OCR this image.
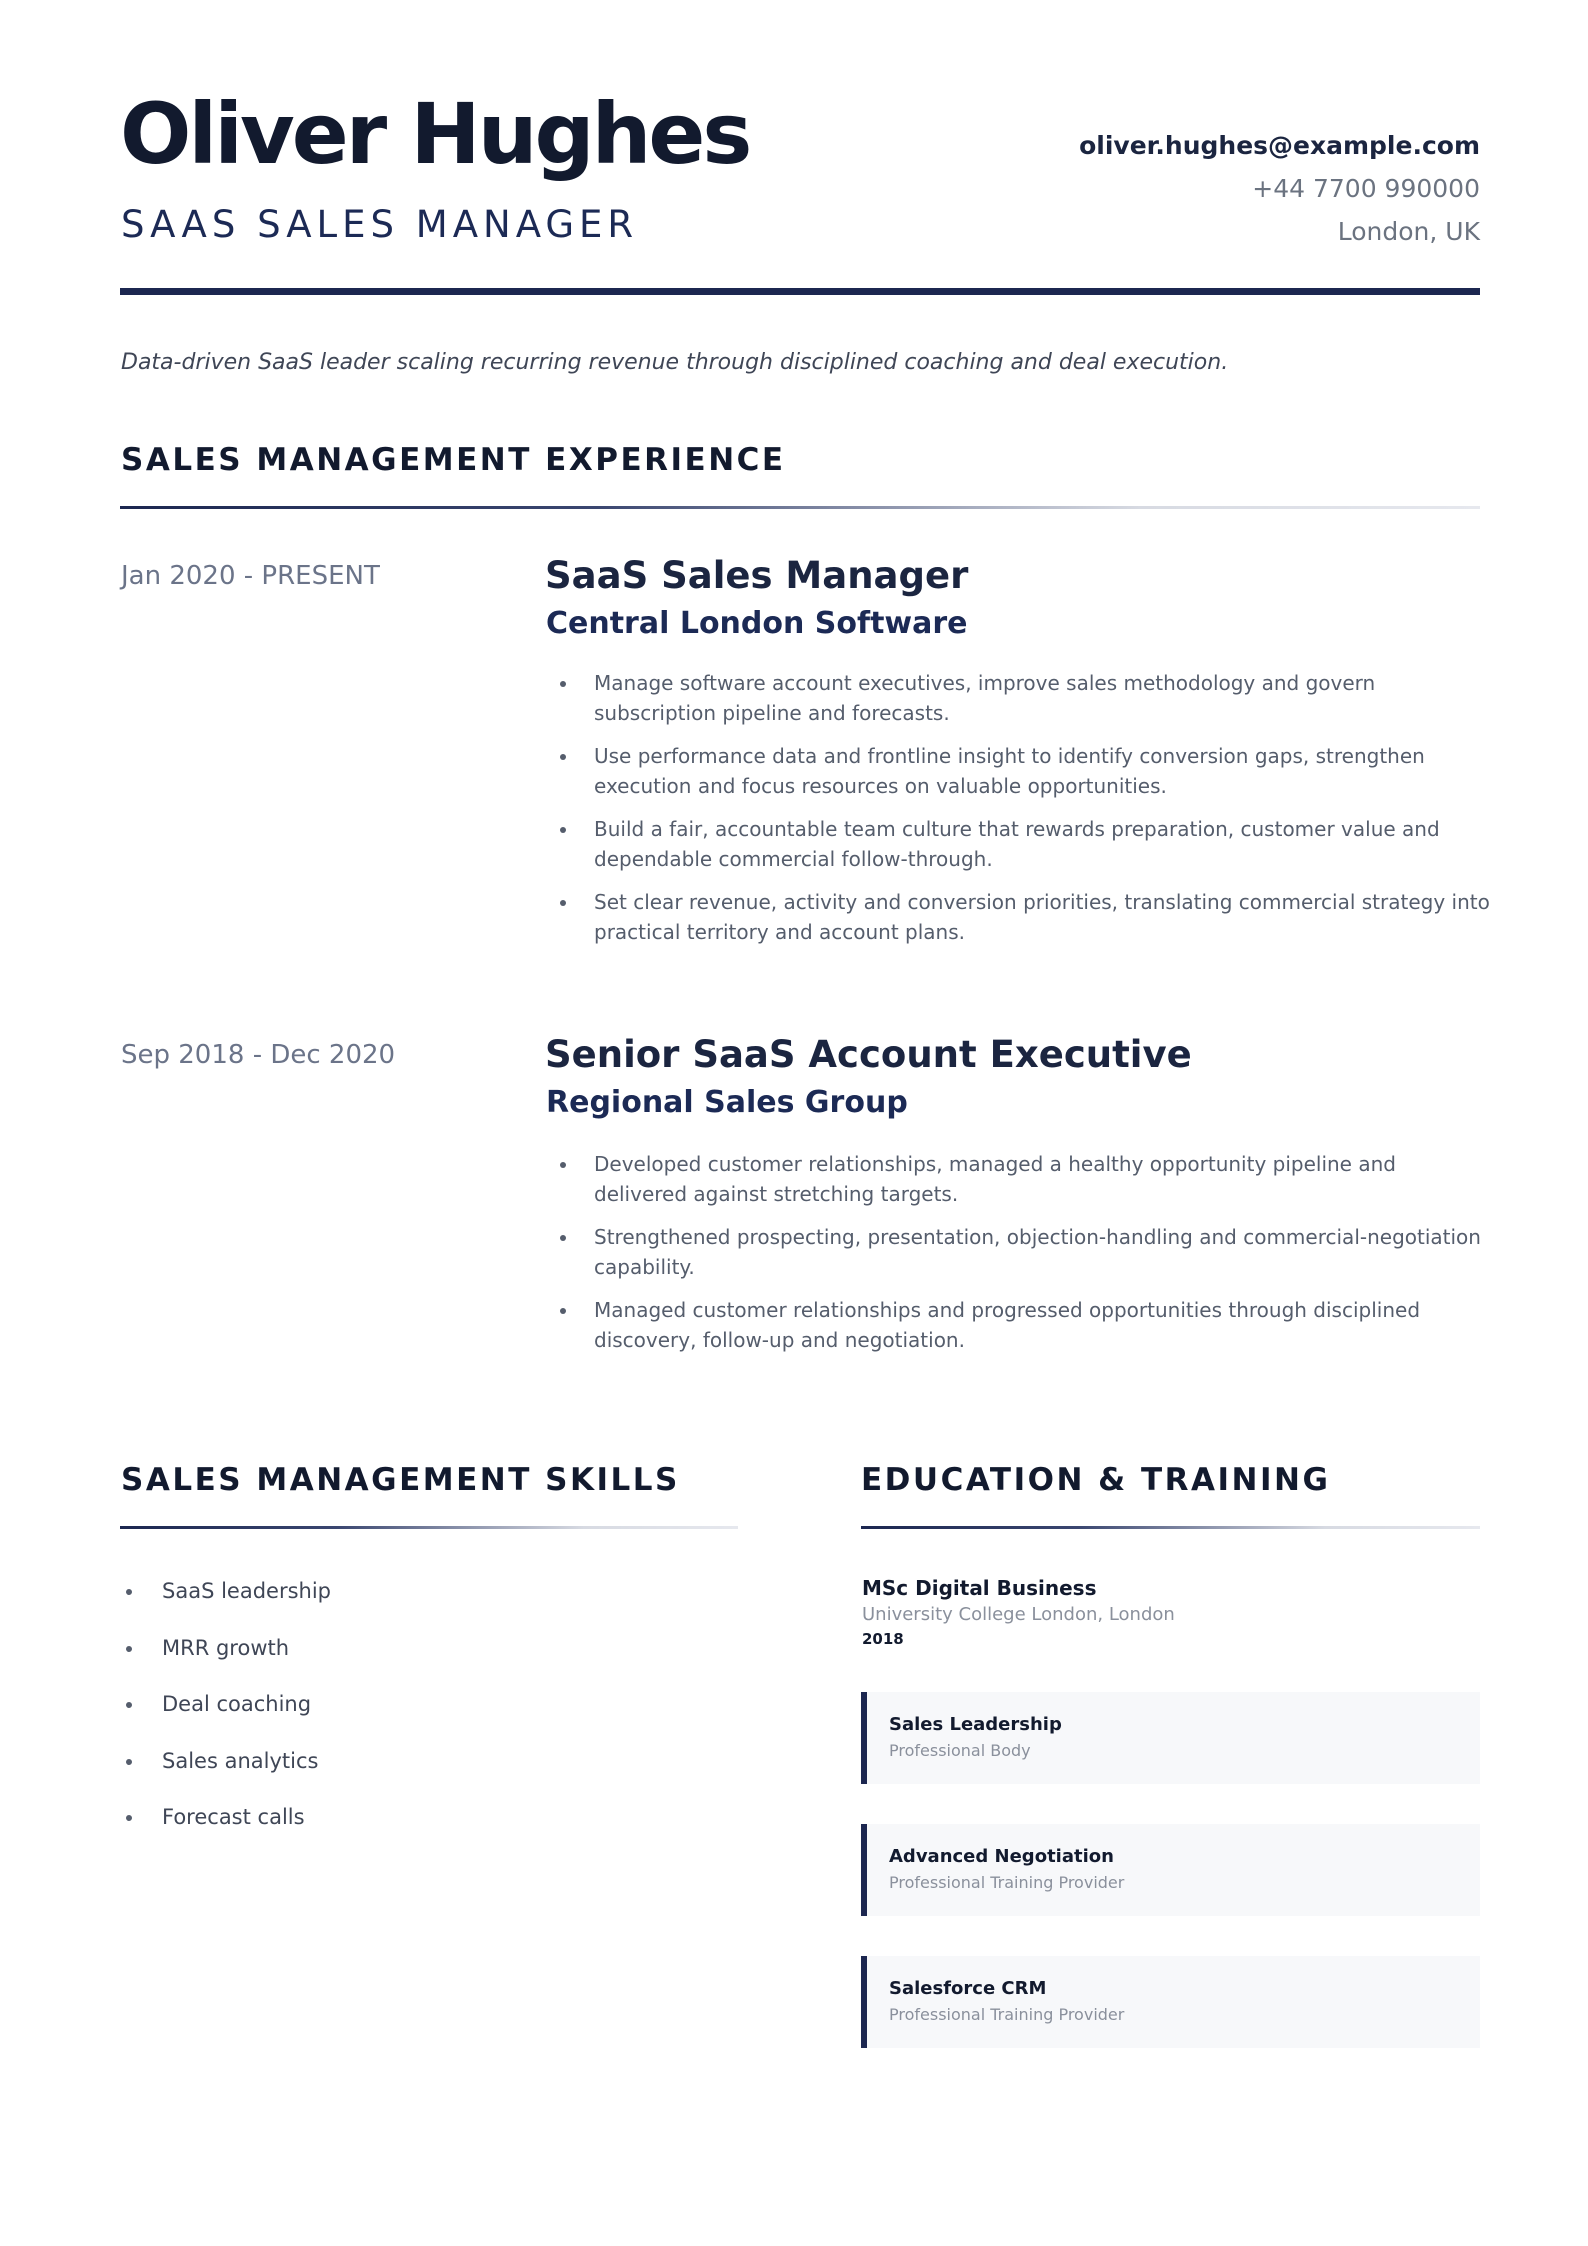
Oliver Hughes
SAAS SALES MANAGER
oliver.hughes@example.com
+44 7700 990000
London, UK
Data-driven SaaS leader scaling recurring revenue through disciplined coaching and deal execution.
SALES MANAGEMENT EXPERIENCE
Jan 2020 - PRESENT	SaaS Sales Manager
Central London Software
Manage software account executives, improve sales methodology and govern subscription pipeline and forecasts.
Use performance data and frontline insight to identify conversion gaps, strengthen execution and focus resources on valuable opportunities.
Build a fair, accountable team culture that rewards preparation, customer value and dependable commercial follow-through.
Set clear revenue, activity and conversion priorities, translating commercial strategy into practical territory and account plans.
Sep 2018 - Dec 2020	Senior SaaS Account Executive
Regional Sales Group
Developed customer relationships, managed a healthy opportunity pipeline and delivered against stretching targets.
Strengthened prospecting, presentation, objection-handling and commercial-negotiation capability.
Managed customer relationships and progressed opportunities through disciplined discovery, follow-up and negotiation.
SALES MANAGEMENT SKILLS
SaaS leadership
MRR growth
Deal coaching
Sales analytics
Forecast calls
EDUCATION & TRAINING
MSc Digital Business
University College London, London
2018
Sales Leadership
Professional Body
Advanced Negotiation
Professional Training Provider
Salesforce CRM
Professional Training Provider
